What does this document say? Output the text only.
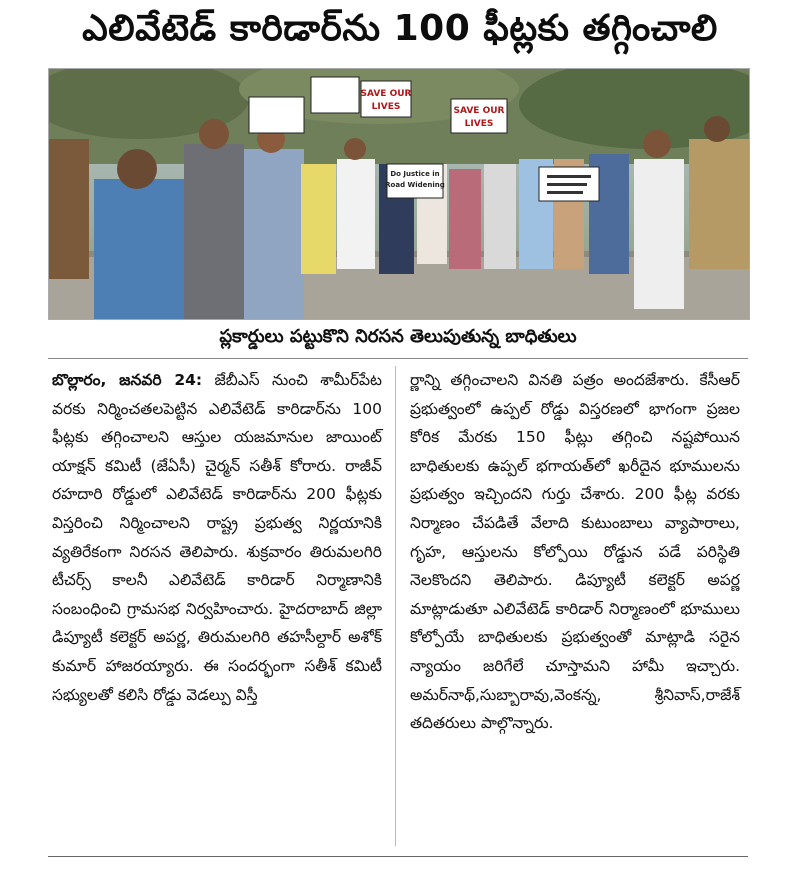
ఎలివేటెడ్ కారిడార్‌ను 100 ఫీట్లకు తగ్గించాలి
SAVE OUR
LIVES	SAVE OUR
LIVES
Do Justice in
Road Widening
ప్లకార్డులు పట్టుకొని నిరసన తెలుపుతున్న బాధితులు
బొల్లారం, జనవరి 24: జేబీఎస్ నుంచి శామీర్‌పేట వరకు నిర్మించతలపెట్టిన ఎలివేటెడ్ కారిడార్‌ను 100 ఫీట్లకు తగ్గించాలని ఆస్తుల యజమానుల జాయింట్ యాక్షన్ కమిటీ (జేఏసీ) చైర్మన్ సతీశ్ కోరారు. రాజీవ్ రహదారి రోడ్డులో ఎలివేటెడ్ కారిడార్‌ను 200 ఫీట్లకు విస్తరించి నిర్మించాలని రాష్ట్ర ప్రభుత్వ నిర్ణయానికి వ్యతిరేకంగా నిరసన తెలిపారు. శుక్రవారం తిరుమలగిరి టీచర్స్ కాలనీ ఎలివేటెడ్ కారిడార్ నిర్మాణానికి సంబంధించి గ్రామసభ నిర్వహించారు. హైదరాబాద్ జిల్లా డిప్యూటీ కలెక్టర్ అపర్ణ, తిరుమలగిరి తహసీల్దార్ అశోక్ కుమార్ హాజరయ్యారు. ఈ సందర్భంగా సతీశ్ కమిటీ సభ్యులతో కలిసి రోడ్డు వెడల్పు విస్తీ
ర్ణాన్ని తగ్గించాలని వినతి పత్రం అందజేశారు. కేసీఆర్ ప్రభుత్వంలో ఉప్పల్ రోడ్డు విస్తరణలో భాగంగా ప్రజల కోరిక మేరకు 150 ఫీట్లు తగ్గించి నష్టపోయిన బాధితులకు ఉప్పల్ భగాయత్‌లో ఖరీదైన భూములను ప్రభుత్వం ఇచ్చిందని గుర్తు చేశారు. 200 ఫీట్ల వరకు నిర్మాణం చేపడితే వేలాది కుటుంబాలు వ్యాపారాలు, గృహ, ఆస్తులను కోల్పోయి రోడ్డున పడే పరిస్థితి నెలకొందని తెలిపారు. డిప్యూటీ కలెక్టర్ అపర్ణ మాట్లాడుతూ ఎలివేటెడ్ కారిడార్ నిర్మాణంలో భూములు కోల్పోయే బాధితులకు ప్రభుత్వంతో మాట్లాడి సరైన న్యాయం జరిగేలే చూస్తామని హామీ ఇచ్చారు. అమర్‌నాథ్,సుబ్బారావు,వెంకన్న, శ్రీనివాస్,రాజేశ్ తదితరులు పాల్గొన్నారు.
